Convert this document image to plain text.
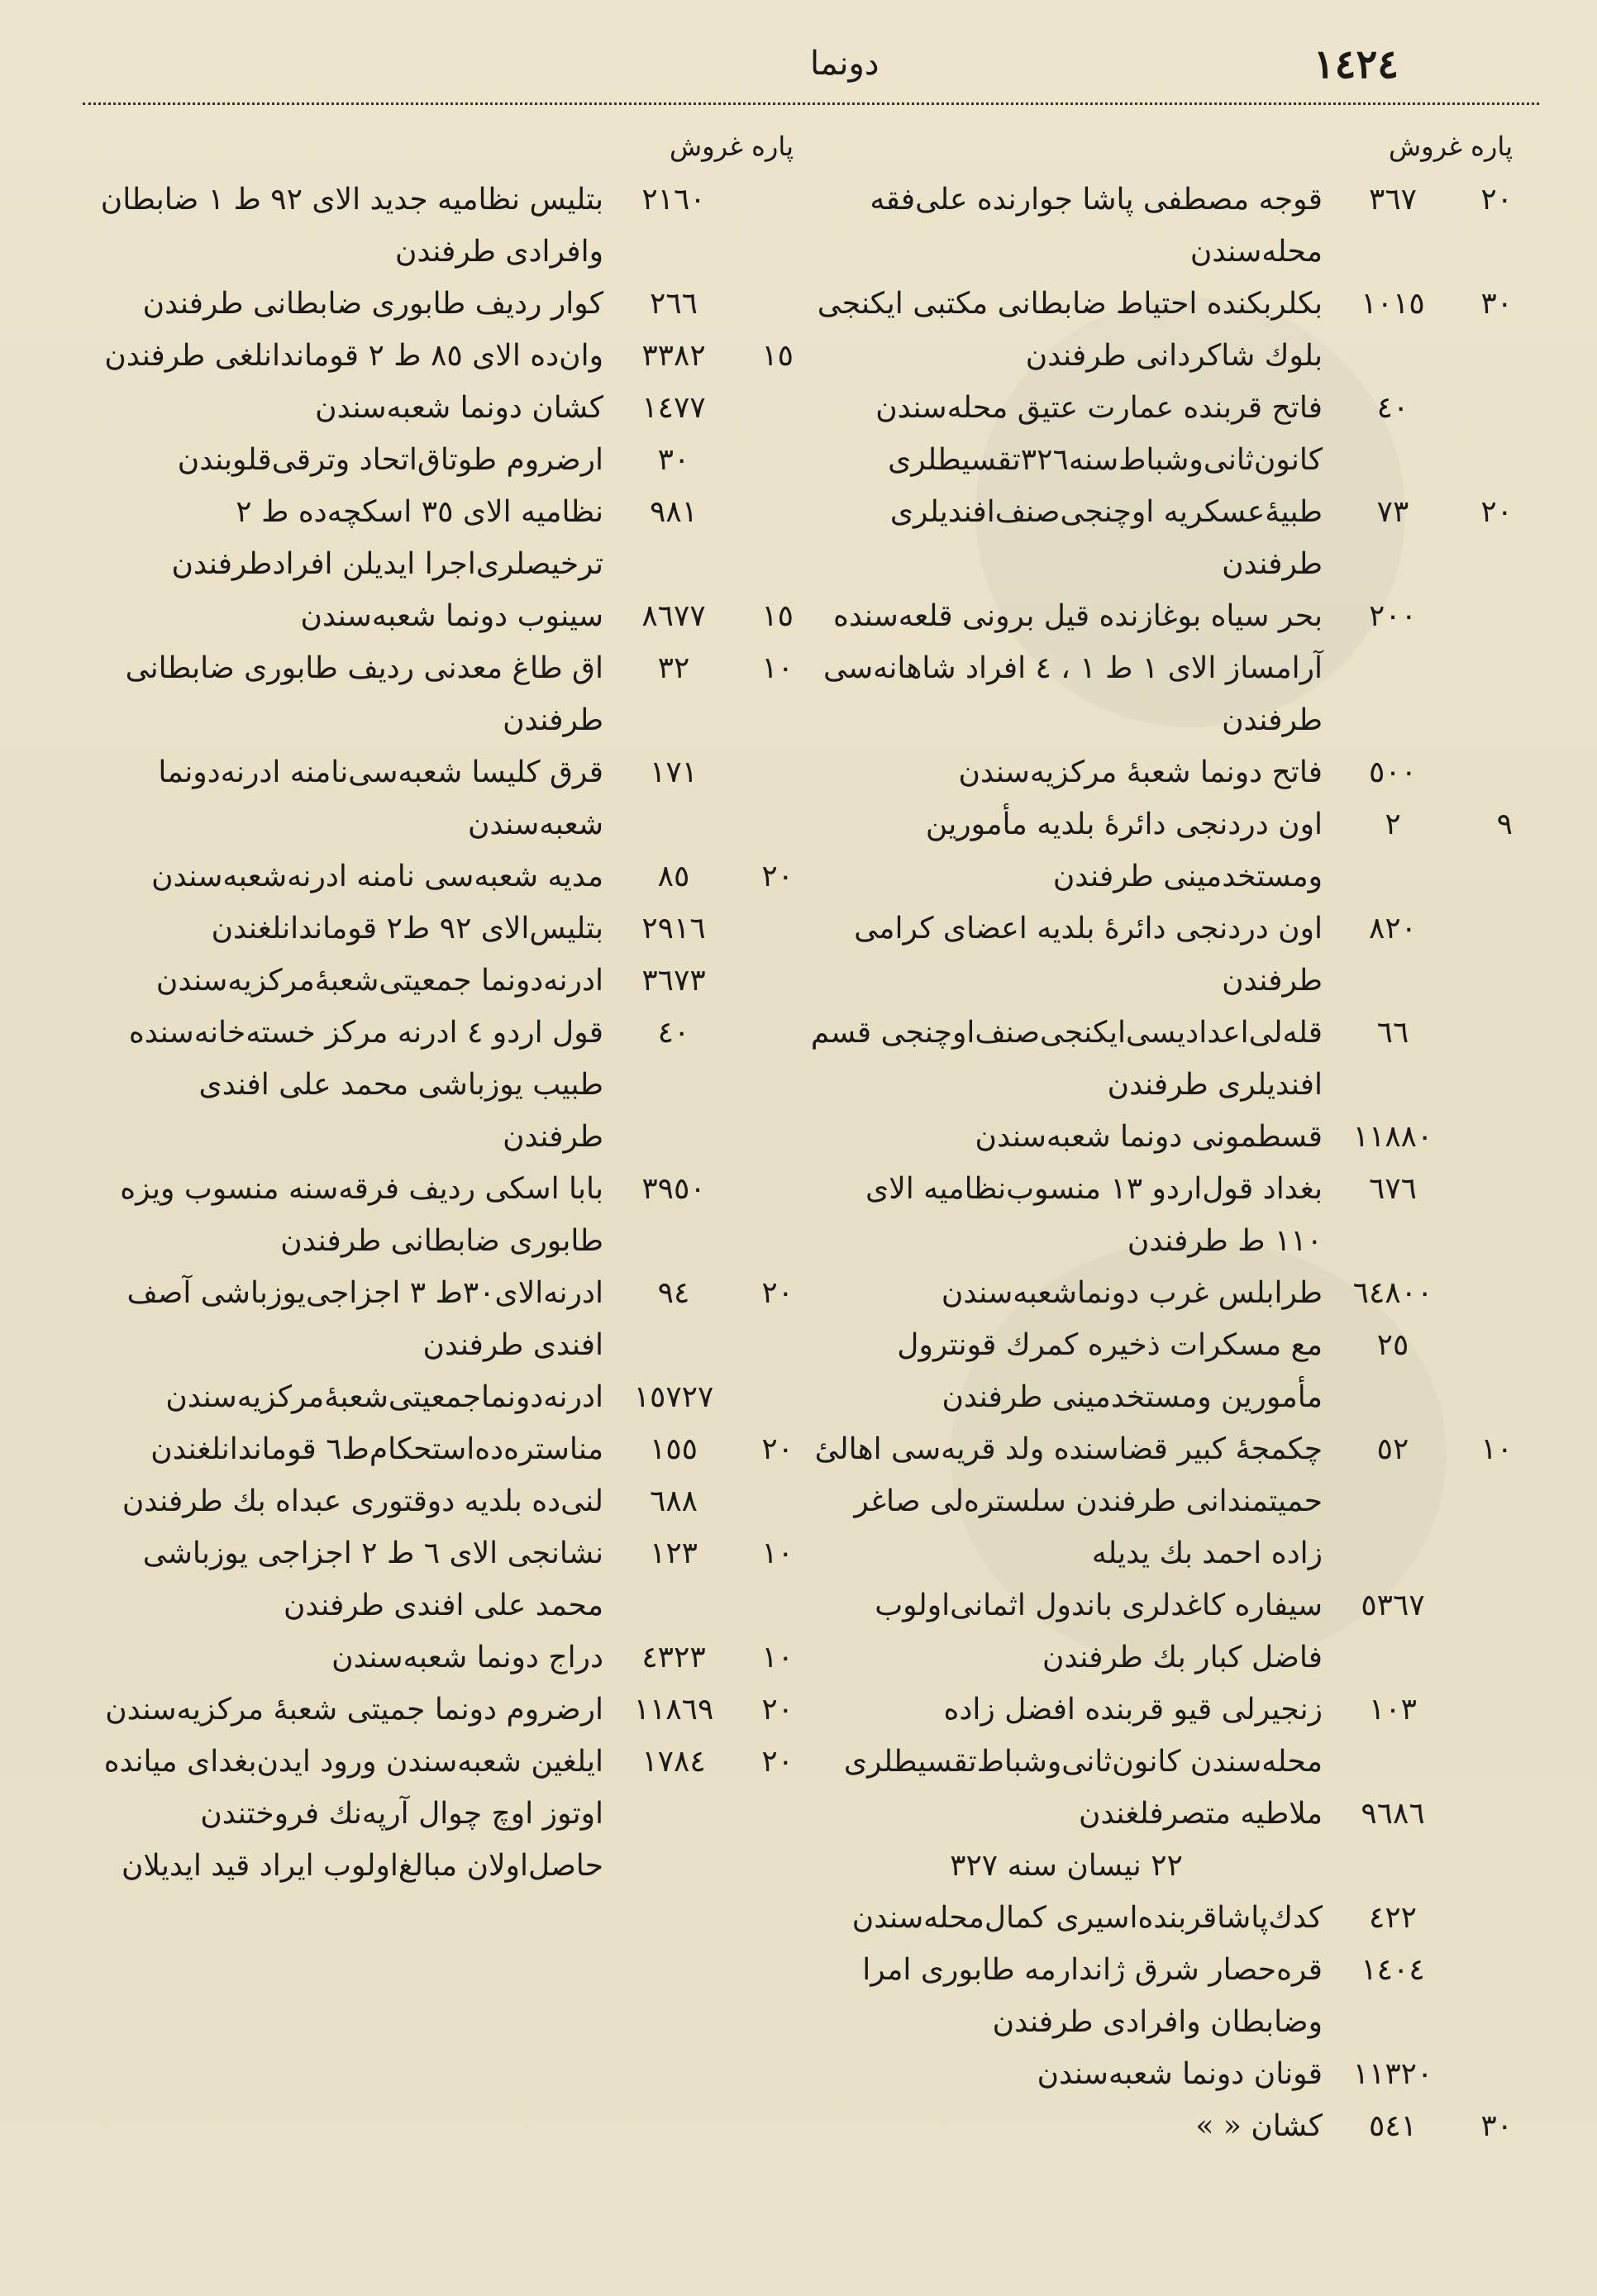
١٤٢٤
دونما
پاره غروش
٢٠
٣٦٧
قوجه مصطفى پاشا جوارنده علی‌فقه محله‌سندن
٣٠
١٠١٥
بكلربكنده احتياط ضابطانى مكتبى ايكنجى بلوك شاكردانى طرفندن
٤٠
فاتح قربنده عمارت عتيق محله‌سندن كانون‌ثانى‌وشباط‌سنه٣٢٦تقسيطلرى
٢٠
٧٣
طبيهٔ‌عسكريه اوچنجى‌صنف‌افنديلرى طرفندن
٢٠٠
بحر سياه بوغازنده قيل برونى قلعه‌سنده آرامساز الاى ١ ط ١ ، ٤ افراد شاهانه‌سى طرفندن
٥٠٠
فاتح دونما شعبهٔ مركزيه‌سندن
٩
٢
اون دردنجى دائرهٔ بلديه مأمورين ومستخدمينى طرفندن
٨٢٠
اون دردنجى دائرهٔ بلديه اعضاى كرامى طرفندن
٦٦
قله‌لى‌اعداديسى‌ايكنجى‌صنف‌اوچنجى قسم افنديلرى طرفندن
١١٨٨٠
قسطمونى دونما شعبه‌سندن
٦٧٦
بغداد قول‌اردو ١٣ منسوب‌نظاميه الاى ١١٠ ط طرفندن
٦٤٨٠٠
طرابلس غرب دونماشعبه‌سندن
٢٥
مع مسكرات ذخيره كمرك قونترول مأمورين ومستخدمينى طرفندن
١٠
٥٢
چكمجهٔ كبير قضاسنده ولد قريه‌سى اهالىٔ حميتمندانى طرفندن سلستره‌لى صاغر زاده احمد بك يديله
٥٣٦٧
سيفاره كاغدلرى باندول اثمانى‌اولوب فاضل كبار بك طرفندن
١٠٣
زنجيرلى قيو قربنده افضل زاده محله‌سندن كانون‌ثانى‌وشباط‌تقسيطلرى
٩٦٨٦
ملاطيه متصرفلغندن
٢٢ نيسان سنه ٣٢٧
٤٢٢
كدك‌پاشاقربنده‌اسيرى كمال‌محله‌سندن
١٤٠٤
قره‌حصار شرق ژاندارمه طابورى امرا وضابطان وافرادى طرفندن
١١٣٢٠
قونان دونما شعبه‌سندن
٣٠
٥٤١
كشان « »
پاره غروش
٢١٦٠
بتليس نظاميه‌ جديد الاى ٩٢ ط ١ ضابطان وافرادى طرفندن
٢٦٦
كوار رديف طابورى ضابطانى طرفندن
١٥
٣٣٨٢
وان‌ده الاى ٨٥ ط ٢ قوماندانلغى طرفندن
١٤٧٧
كشان دونما شعبه‌سندن
٣٠
ارضروم طوتاق‌اتحاد وترقى‌قلوبندن
٩٨١
نظاميه الاى ٣٥ اسكچه‌ده ط ٢ ترخيصلرى‌اجرا ايديلن افرادطرفندن
١٥
٨٦٧٧
سينوب دونما شعبه‌سندن
١٠
٣٢
اق طاغ معدنى رديف طابورى ضابطانى طرفندن
١٧١
قرق كليسا شعبه‌سى‌نامنه ادرنه‌دونما شعبه‌سندن
٢٠
٨٥
مديه شعبه‌سى نامنه ادرنه‌شعبه‌سندن
٢٩١٦
بتليس‌الاى ٩٢ ط٢ قوماندانلغندن
٣٦٧٣
ادرنه‌دونما جمعيتى‌شعبهٔ‌مركزيه‌سندن
٤٠
قول اردو ٤ ادرنه مركز خسته‌خانه‌سنده طبيب يوزباشى محمد على افندى طرفندن
٣٩٥٠
بابا اسكى رديف فرقه‌سنه منسوب ويزه طابورى ضابطانى طرفندن
٢٠
٩٤
ادرنه‌الاى٣٠ط ٣ اجزاجى‌يوزباشى آصف افندى طرفندن
١٥٧٢٧
ادرنه‌دونماجمعيتى‌شعبهٔ‌مركزيه‌سندن
٢٠
١٥٥
مناستره‌ده‌استحكام‌ط٦ قوماندانلغندن
٦٨٨
لنى‌ده بلديه دوقتورى عبداه بك طرفندن
١٠
١٢٣
نشانجى الاى ٦ ط ٢ اجزاجى يوزباشى محمد على افندى طرفندن
١٠
٤٣٢٣
دراج دونما شعبه‌سندن
٢٠
١١٨٦٩
ارضروم دونما جميتى شعبهٔ مركزيه‌سندن
٢٠
١٧٨٤
ايلغين شعبه‌سندن ورود ايدن‌بغداى ميانده اوتوز اوچ چوال آرپه‌نك فروختندن حاصل‌اولان مبالغ‌اولوب ايراد قيد ايديلان
